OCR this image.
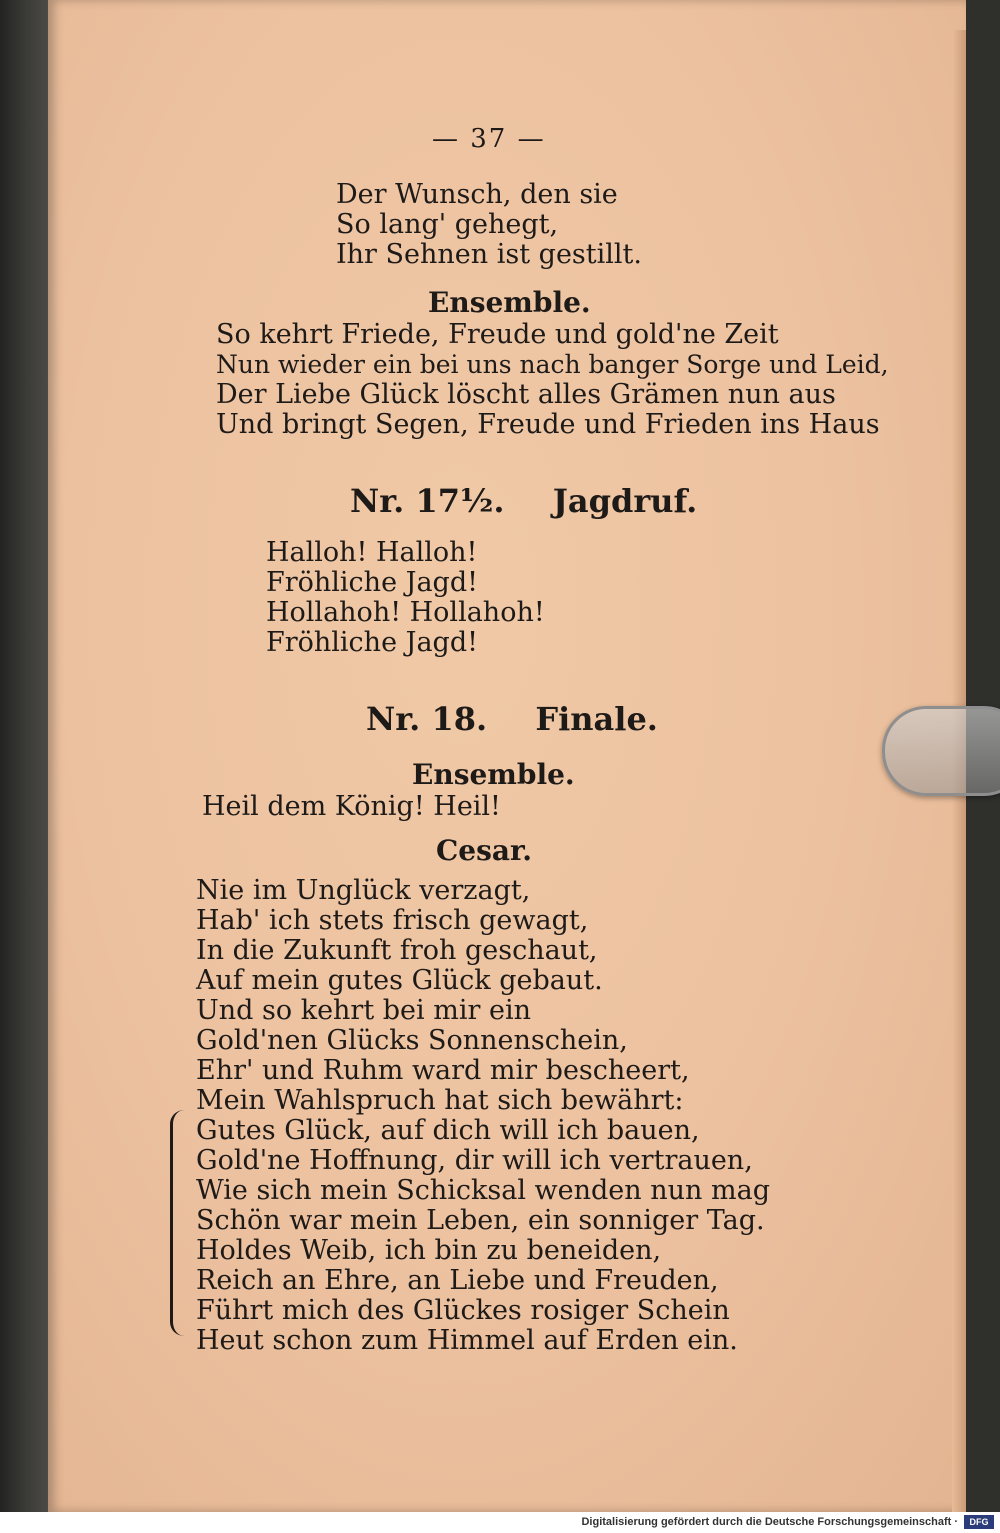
— 37 —
Der Wunsch, den sie
So lang' gehegt,
Ihr Sehnen ist gestillt.
Ensemble.
So kehrt Friede, Freude und gold'ne Zeit
Nun wieder ein bei uns nach banger Sorge und Leid,
Der Liebe Glück löscht alles Grämen nun aus
Und bringt Segen, Freude und Frieden ins Haus
Nr. 17½. Jagdruf.
Halloh! Halloh!
Fröhliche Jagd!
Hollahoh! Hollahoh!
Fröhliche Jagd!
Nr. 18. Finale.
Ensemble.
Heil dem König! Heil!
Cesar.
Nie im Unglück verzagt,
Hab' ich stets frisch gewagt,
In die Zukunft froh geschaut,
Auf mein gutes Glück gebaut.
Und so kehrt bei mir ein
Gold'nen Glücks Sonnenschein,
Ehr' und Ruhm ward mir bescheert,
Mein Wahlspruch hat sich bewährt:
Gutes Glück, auf dich will ich bauen,
Gold'ne Hoffnung, dir will ich vertrauen,
Wie sich mein Schicksal wenden nun mag
Schön war mein Leben, ein sonniger Tag.
Holdes Weib, ich bin zu beneiden,
Reich an Ehre, an Liebe und Freuden,
Führt mich des Glückes rosiger Schein
Heut schon zum Himmel auf Erden ein.
Digitalisierung gefördert durch die Deutsche Forschungsgemeinschaft ·	DFG
